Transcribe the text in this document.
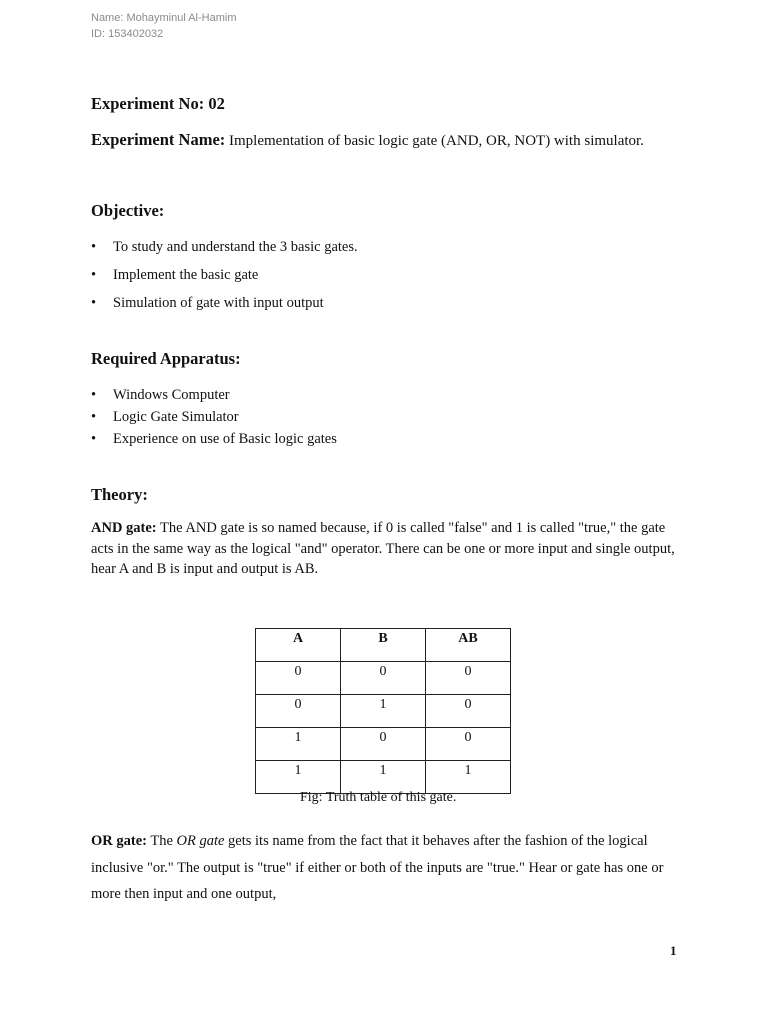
Name: Mohayminul Al-Hamim
ID: 153402032
Experiment No: 02
Experiment Name: Implementation of basic logic gate (AND, OR, NOT) with simulator.
Objective:
• To study and understand the 3 basic gates.
• Implement the basic gate
• Simulation of gate with input output
Required Apparatus:
• Windows Computer
• Logic Gate Simulator
• Experience on use of Basic logic gates
Theory:
AND gate: The AND gate is so named because, if 0 is called "false" and 1 is called "true," the gate acts in the same way as the logical "and" operator. There can be one or more input and single output, hear A and B is input and output is AB.
A	B	AB
0	0	0
0	1	0
1	0	0
1	1	1
Fig: Truth table of this gate.
OR gate: The OR gate gets its name from the fact that it behaves after the fashion of the logical inclusive "or." The output is "true" if either or both of the inputs are "true." Hear or gate has one or more then input and one output,
1
